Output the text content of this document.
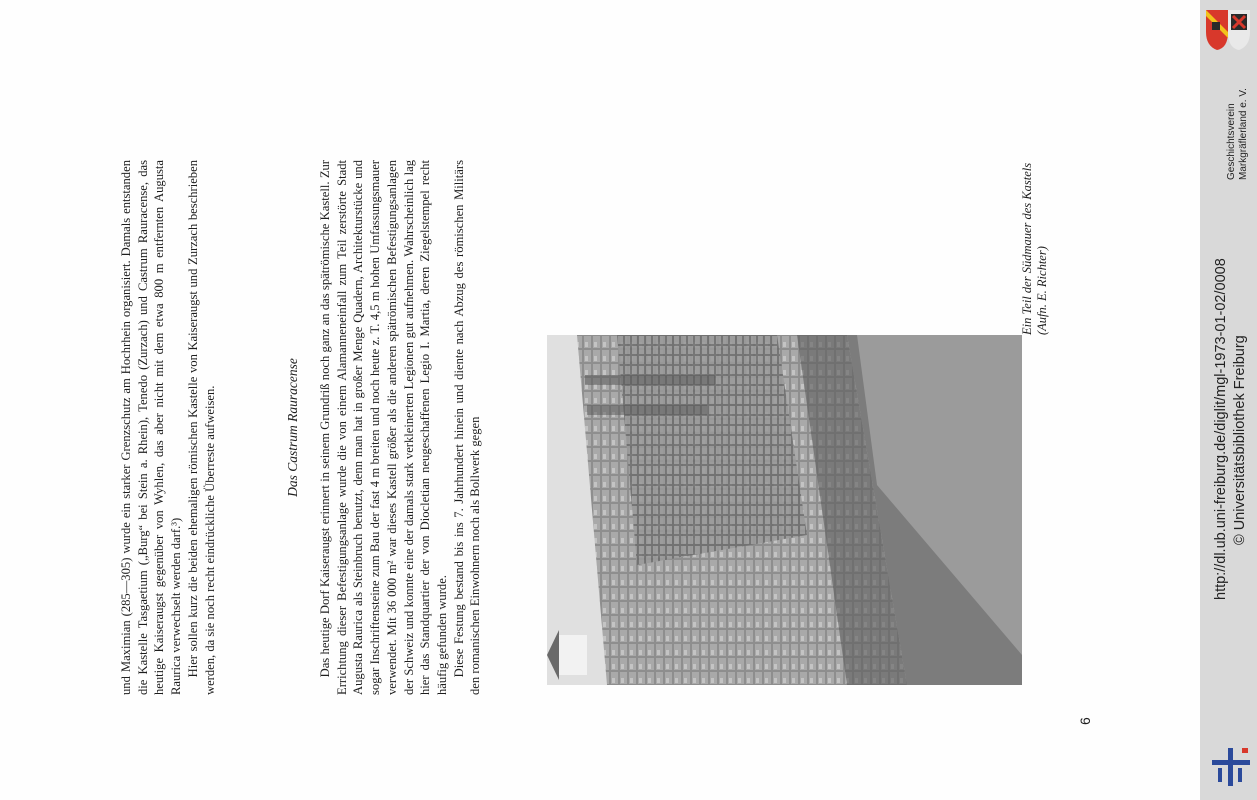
und Maximian (285—305) wurde ein starker Grenzschutz am Hochrhein organisiert. Damals entstanden die Kastelle Tasgaetium („Burg“ bei Stein a. Rhein), Tenedo (Zurzach) und Castrum Rauracense, das heutige Kaiseraugst gegenüber von Wyhlen, das aber nicht mit dem etwa 800 m entfernten Augusta Raurica verwechselt werden darf.³) Hier sollen kurz die beiden ehemaligen römischen Kastelle von Kaiseraugst und Zurzach beschrieben werden, da sie noch recht eindrückliche Überreste aufweisen.	Das Castrum Rauracense Das heutige Dorf Kaiseraugst erinnert in seinem Grundriß noch ganz an das spätrömische Kastell. Zur Errichtung dieser Befestigungsanlage wurde die von einem Alamanneneinfall zum Teil zerstörte Stadt Augusta Raurica als Steinbruch benutzt, denn man hat in großer Menge Quadern, Architekturstücke und sogar Inschriftensteine zum Bau der fast 4 m breiten und noch heute z. T. 4,5 m hohen Umfassungsmauer verwendet. Mit 36 000 m² war dieses Kastell größer als die anderen spätrömischen Befestigungsanlagen der Schweiz und konnte eine der damals stark verkleinerten Legionen gut aufnehmen. Wahrscheinlich lag hier das Standquartier der von Diocletian neugeschaffenen Legio I. Martia, deren Ziegelstempel recht häufig gefunden wurde. Diese Festung bestand bis ins 7. Jahrhundert hinein und diente nach Abzug des römischen Militärs den romanischen Einwohnern noch als Bollwerk gegen
Ein Teil der Südmauer des Kastels
(Aufn. E. Richter)
6
Geschichtsverein Markgräflerland e. V.
http://dl.ub.uni-freiburg.de/diglit/mgl-1973-01-02/0008 © Universitätsbibliothek Freiburg
